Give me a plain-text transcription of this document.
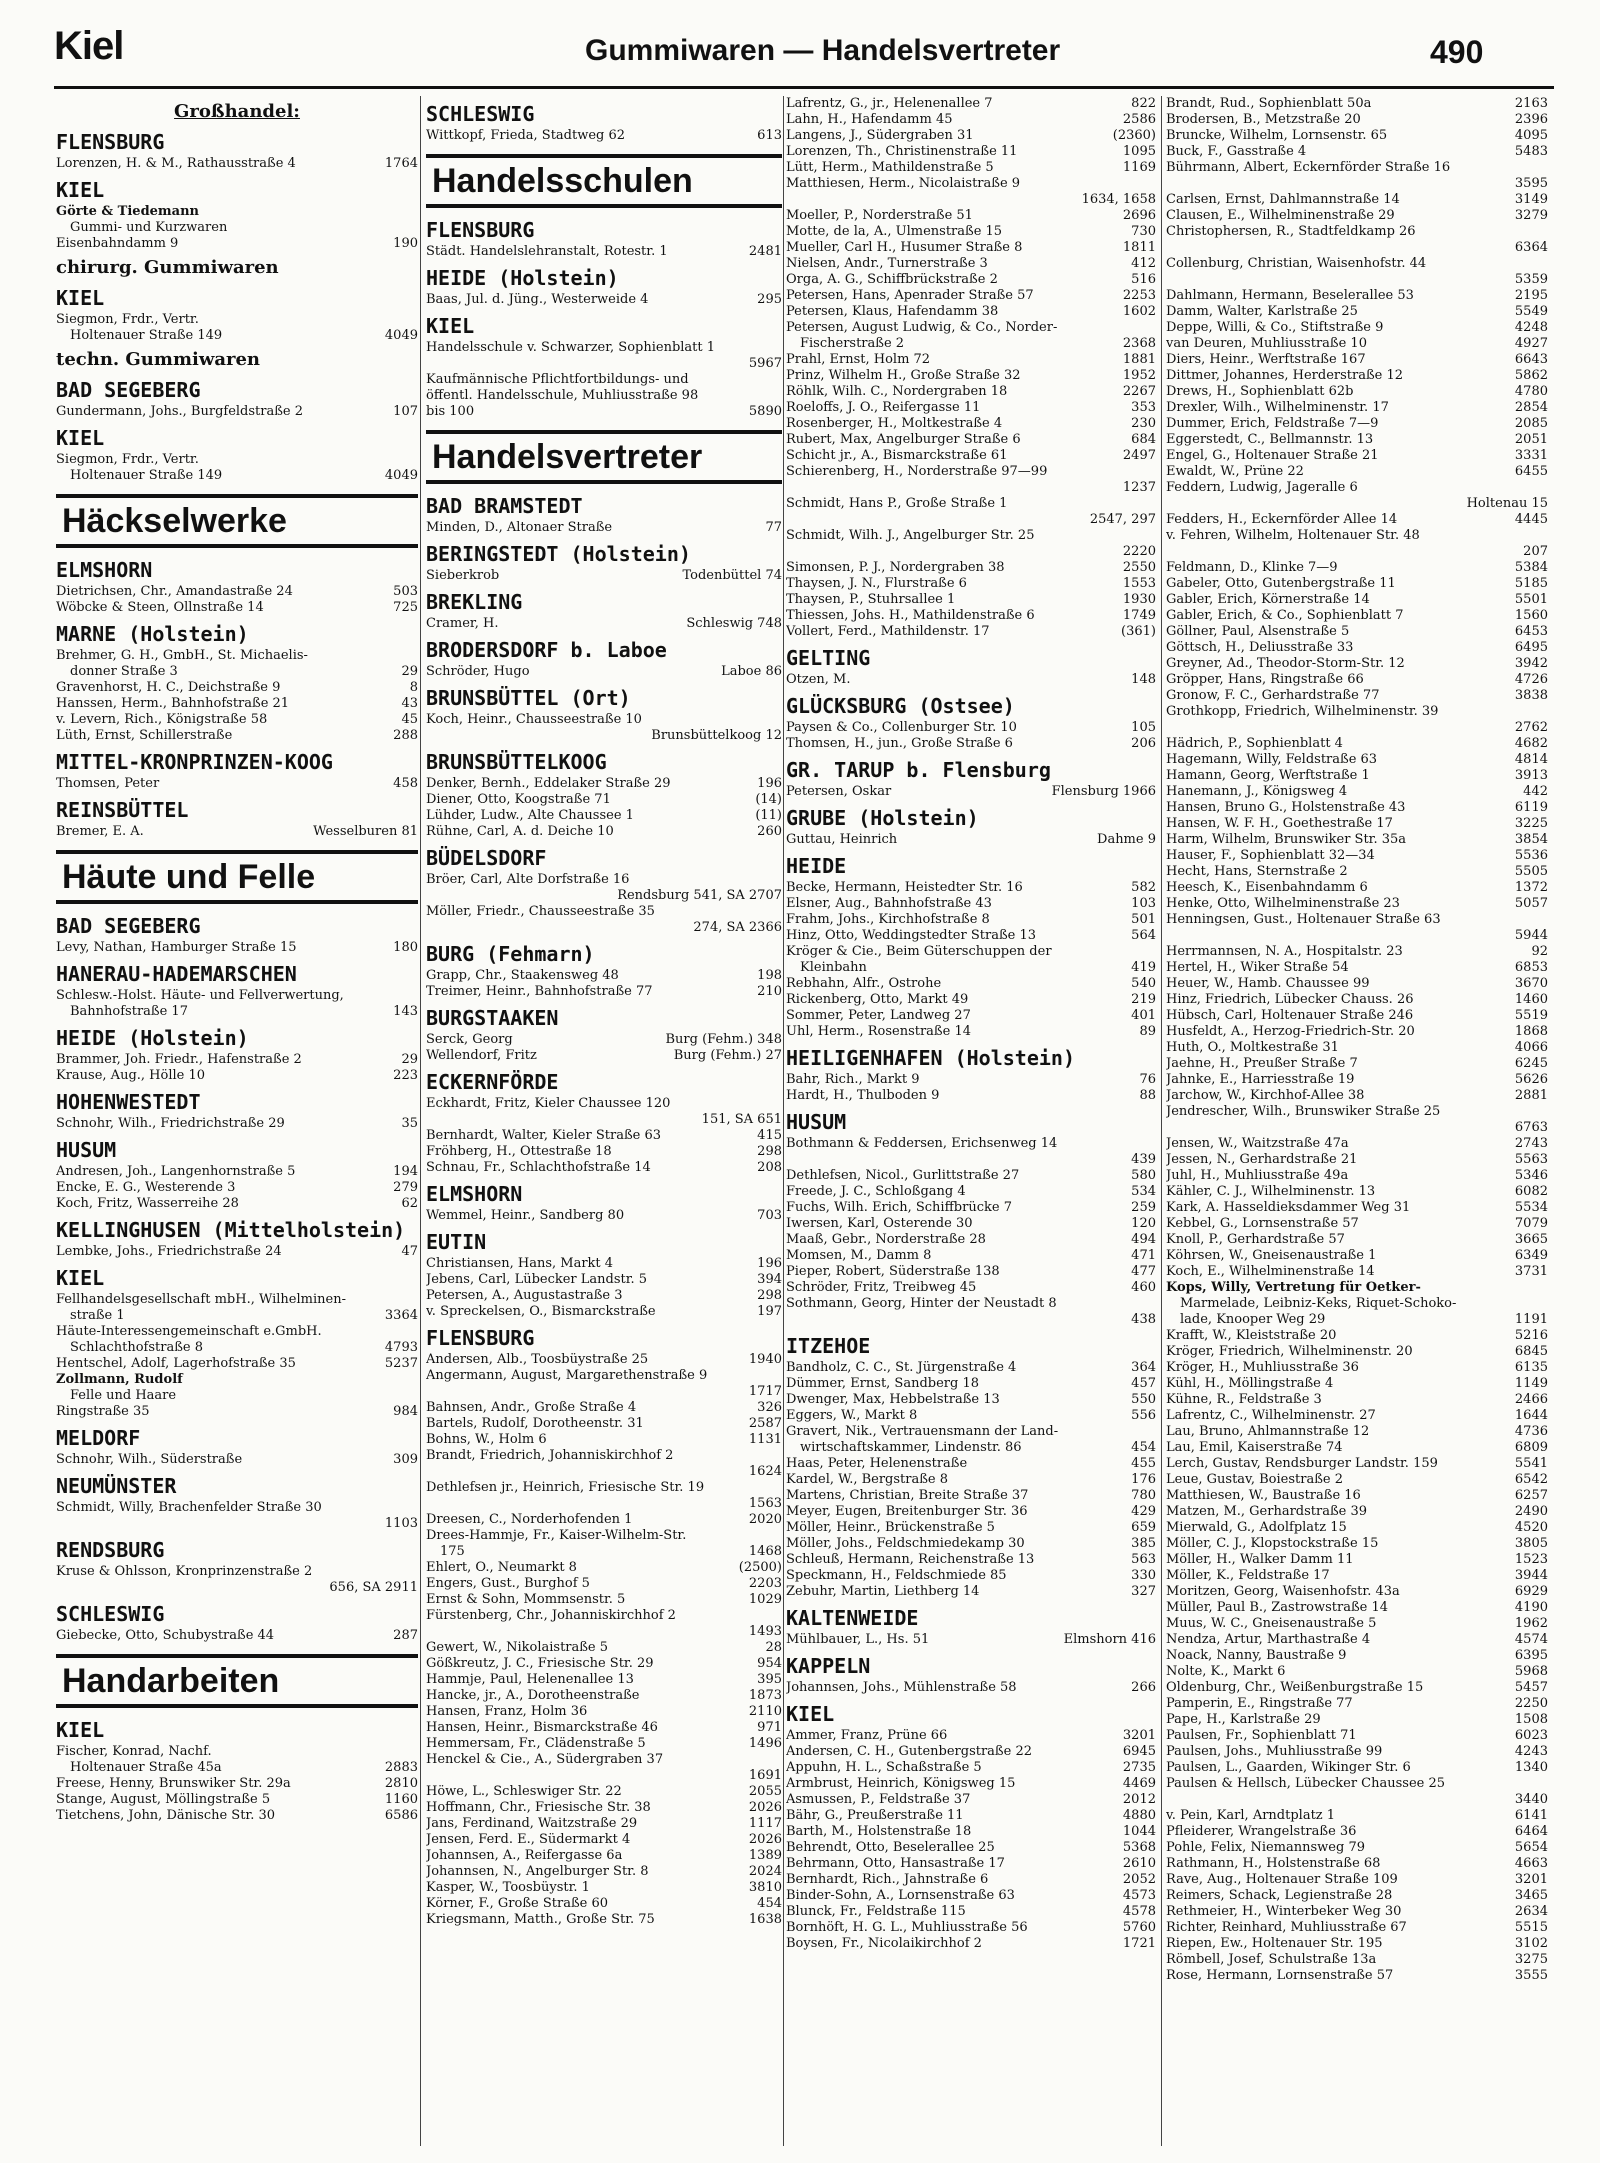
Kiel	Gummiwaren — Handelsvertreter	490
Großhandel:
FLENSBURG
Lorenzen, H. & M., Rathausstraße 4	1764
KIEL
Görte & Tiedemann
Gummi- und Kurzwaren
Eisenbahndamm 9	190
chirurg. Gummiwaren
KIEL
Siegmon, Frdr., Vertr.
Holtenauer Straße 149	4049
techn. Gummiwaren
BAD SEGEBERG
Gundermann, Johs., Burgfeldstraße 2	107
KIEL
Siegmon, Frdr., Vertr.
Holtenauer Straße 149	4049
Häckselwerke
ELMSHORN
Dietrichsen, Chr., Amandastraße 24	503
Wöbcke & Steen, Ollnstraße 14	725
MARNE (Holstein)
Brehmer, G. H., GmbH., St. Michaelis-
donner Straße 3	29
Gravenhorst, H. C., Deichstraße 9	8
Hanssen, Herm., Bahnhofstraße 21	43
v. Levern, Rich., Königstraße 58	45
Lüth, Ernst, Schillerstraße	288
MITTEL-KRONPRINZEN-KOOG
Thomsen, Peter	458
REINSBÜTTEL
Bremer, E. A.	Wesselburen 81
Häute und Felle
BAD SEGEBERG
Levy, Nathan, Hamburger Straße 15	180
HANERAU-HADEMARSCHEN
Schlesw.-Holst. Häute- und Fellverwertung,
Bahnhofstraße 17	143
HEIDE (Holstein)
Brammer, Joh. Friedr., Hafenstraße 2	29
Krause, Aug., Hölle 10	223
HOHENWESTEDT
Schnohr, Wilh., Friedrichstraße 29	35
HUSUM
Andresen, Joh., Langenhornstraße 5	194
Encke, E. G., Westerende 3	279
Koch, Fritz, Wasserreihe 28	62
KELLINGHUSEN (Mittelholstein)
Lembke, Johs., Friedrichstraße 24	47
KIEL
Fellhandelsgesellschaft mbH., Wilhelminen-
straße 1	3364
Häute-Interessengemeinschaft e.GmbH.
Schlachthofstraße 8	4793
Hentschel, Adolf, Lagerhofstraße 35	5237
Zollmann, Rudolf
Felle und Haare
Ringstraße 35	984
MELDORF
Schnohr, Wilh., Süderstraße	309
NEUMÜNSTER
Schmidt, Willy, Brachenfelder Straße 30
1103
RENDSBURG
Kruse & Ohlsson, Kronprinzenstraße 2
656, SA 2911
SCHLESWIG
Giebecke, Otto, Schubystraße 44	287
Handarbeiten
KIEL
Fischer, Konrad, Nachf.
Holtenauer Straße 45a	2883
Freese, Henny, Brunswiker Str. 29a	2810
Stange, August, Möllingstraße 5	1160
Tietchens, John, Dänische Str. 30	6586
SCHLESWIG
Wittkopf, Frieda, Stadtweg 62	613
Handelsschulen
FLENSBURG
Städt. Handelslehranstalt, Rotestr. 1	2481
HEIDE (Holstein)
Baas, Jul. d. Jüng., Westerweide 4	295
KIEL
Handelsschule v. Schwarzer, Sophienblatt 1
5967
Kaufmännische Pflichtfortbildungs- und
öffentl. Handelsschule, Muhliusstraße 98
bis 100	5890
Handelsvertreter
BAD BRAMSTEDT
Minden, D., Altonaer Straße	77
BERINGSTEDT (Holstein)
Sieberkrob	Todenbüttel 74
BREKLING
Cramer, H.	Schleswig 748
BRODERSDORF b. Laboe
Schröder, Hugo	Laboe 86
BRUNSBÜTTEL (Ort)
Koch, Heinr., Chausseestraße 10
Brunsbüttelkoog 12
BRUNSBÜTTELKOOG
Denker, Bernh., Eddelaker Straße 29	196
Diener, Otto, Koogstraße 71	(14)
Lühder, Ludw., Alte Chaussee 1	(11)
Rühne, Carl, A. d. Deiche 10	260
BÜDELSDORF
Bröer, Carl, Alte Dorfstraße 16
Rendsburg 541, SA 2707
Möller, Friedr., Chausseestraße 35
274, SA 2366
BURG (Fehmarn)
Grapp, Chr., Staakensweg 48	198
Treimer, Heinr., Bahnhofstraße 77	210
BURGSTAAKEN
Serck, Georg	Burg (Fehm.) 348
Wellendorf, Fritz	Burg (Fehm.) 27
ECKERNFÖRDE
Eckhardt, Fritz, Kieler Chaussee 120
151, SA 651
Bernhardt, Walter, Kieler Straße 63	415
Fröhberg, H., Ottestraße 18	298
Schnau, Fr., Schlachthofstraße 14	208
ELMSHORN
Wemmel, Heinr., Sandberg 80	703
EUTIN
Christiansen, Hans, Markt 4	196
Jebens, Carl, Lübecker Landstr. 5	394
Petersen, A., Augustastraße 3	298
v. Spreckelsen, O., Bismarckstraße	197
FLENSBURG
Andersen, Alb., Toosbüystraße 25	1940
Angermann, August, Margarethenstraße 9
1717
Bahnsen, Andr., Große Straße 4	326
Bartels, Rudolf, Dorotheenstr. 31	2587
Bohns, W., Holm 6	1131
Brandt, Friedrich, Johanniskirchhof 2
1624
Dethlefsen jr., Heinrich, Friesische Str. 19
1563
Dreesen, C., Norderhofenden 1	2020
Drees-Hammje, Fr., Kaiser-Wilhelm-Str.
175	1468
Ehlert, O., Neumarkt 8	(2500)
Engers, Gust., Burghof 5	2203
Ernst & Sohn, Mommsenstr. 5	1029
Fürstenberg, Chr., Johanniskirchhof 2
1493
Gewert, W., Nikolaistraße 5	28
Gößkreutz, J. C., Friesische Str. 29	954
Hammje, Paul, Helenenallee 13	395
Hancke, jr., A., Dorotheenstraße	1873
Hansen, Franz, Holm 36	2110
Hansen, Heinr., Bismarckstraße 46	971
Hemmersam, Fr., Clädenstraße 5	1496
Henckel & Cie., A., Südergraben 37
1691
Höwe, L., Schleswiger Str. 22	2055
Hoffmann, Chr., Friesische Str. 38	2026
Jans, Ferdinand, Waitzstraße 29	1117
Jensen, Ferd. E., Südermarkt 4	2026
Johannsen, A., Reifergasse 6a	1389
Johannsen, N., Angelburger Str. 8	2024
Kasper, W., Toosbüystr. 1	3810
Körner, F., Große Straße 60	454
Kriegsmann, Matth., Große Str. 75	1638
Lafrentz, G., jr., Helenenallee 7	822
Lahn, H., Hafendamm 45	2586
Langens, J., Südergraben 31	(2360)
Lorenzen, Th., Christinenstraße 11	1095
Lütt, Herm., Mathildenstraße 5	1169
Matthiesen, Herm., Nicolaistraße 9
1634, 1658
Moeller, P., Norderstraße 51	2696
Motte, de la, A., Ulmenstraße 15	730
Mueller, Carl H., Husumer Straße 8	1811
Nielsen, Andr., Turnerstraße 3	412
Orga, A. G., Schiffbrückstraße 2	516
Petersen, Hans, Apenrader Straße 57	2253
Petersen, Klaus, Hafendamm 38	1602
Petersen, August Ludwig, & Co., Norder-
Fischerstraße 2	2368
Prahl, Ernst, Holm 72	1881
Prinz, Wilhelm H., Große Straße 32	1952
Röhlk, Wilh. C., Nordergraben 18	2267
Roeloffs, J. O., Reifergasse 11	353
Rosenberger, H., Moltkestraße 4	230
Rubert, Max, Angelburger Straße 6	684
Schicht jr., A., Bismarckstraße 61	2497
Schierenberg, H., Norderstraße 97—99
1237
Schmidt, Hans P., Große Straße 1
2547, 297
Schmidt, Wilh. J., Angelburger Str. 25
2220
Simonsen, P. J., Nordergraben 38	2550
Thaysen, J. N., Flurstraße 6	1553
Thaysen, P., Stuhrsallee 1	1930
Thiessen, Johs. H., Mathildenstraße 6	1749
Vollert, Ferd., Mathildenstr. 17	(361)
GELTING
Otzen, M.	148
GLÜCKSBURG (Ostsee)
Paysen & Co., Collenburger Str. 10	105
Thomsen, H., jun., Große Straße 6	206
GR. TARUP b. Flensburg
Petersen, Oskar	Flensburg 1966
GRUBE (Holstein)
Guttau, Heinrich	Dahme 9
HEIDE
Becke, Hermann, Heistedter Str. 16	582
Elsner, Aug., Bahnhofstraße 43	103
Frahm, Johs., Kirchhofstraße 8	501
Hinz, Otto, Weddingstedter Straße 13	564
Kröger & Cie., Beim Güterschuppen der
Kleinbahn	419
Rebhahn, Alfr., Ostrohe	540
Rickenberg, Otto, Markt 49	219
Sommer, Peter, Landweg 27	401
Uhl, Herm., Rosenstraße 14	89
HEILIGENHAFEN (Holstein)
Bahr, Rich., Markt 9	76
Hardt, H., Thulboden 9	88
HUSUM
Bothmann & Feddersen, Erichsenweg 14
439
Dethlefsen, Nicol., Gurlittstraße 27	580
Freede, J. C., Schloßgang 4	534
Fuchs, Wilh. Erich, Schiffbrücke 7	259
Iwersen, Karl, Osterende 30	120
Maaß, Gebr., Norderstraße 28	494
Momsen, M., Damm 8	471
Pieper, Robert, Süderstraße 138	477
Schröder, Fritz, Treibweg 45	460
Sothmann, Georg, Hinter der Neustadt 8
438
ITZEHOE
Bandholz, C. C., St. Jürgenstraße 4	364
Dümmer, Ernst, Sandberg 18	457
Dwenger, Max, Hebbelstraße 13	550
Eggers, W., Markt 8	556
Gravert, Nik., Vertrauensmann der Land-
wirtschaftskammer, Lindenstr. 86	454
Haas, Peter, Helenenstraße	455
Kardel, W., Bergstraße 8	176
Martens, Christian, Breite Straße 37	780
Meyer, Eugen, Breitenburger Str. 36	429
Möller, Heinr., Brückenstraße 5	659
Möller, Johs., Feldschmiedekamp 30	385
Schleuß, Hermann, Reichenstraße 13	563
Speckmann, H., Feldschmiede 85	330
Zebuhr, Martin, Liethberg 14	327
KALTENWEIDE
Mühlbauer, L., Hs. 51	Elmshorn 416
KAPPELN
Johannsen, Johs., Mühlenstraße 58	266
KIEL
Ammer, Franz, Prüne 66	3201
Andersen, C. H., Gutenbergstraße 22	6945
Appuhn, H. L., Schaßstraße 5	2735
Armbrust, Heinrich, Königsweg 15	4469
Asmussen, P., Feldstraße 37	2012
Bähr, G., Preußerstraße 11	4880
Barth, M., Holstenstraße 18	1044
Behrendt, Otto, Beselerallee 25	5368
Behrmann, Otto, Hansastraße 17	2610
Bernhardt, Rich., Jahnstraße 6	2052
Binder-Sohn, A., Lornsenstraße 63	4573
Blunck, Fr., Feldstraße 115	4578
Bornhöft, H. G. L., Muhliusstraße 56	5760
Boysen, Fr., Nicolaikirchhof 2	1721
Brandt, Rud., Sophienblatt 50a	2163
Brodersen, B., Metzstraße 20	2396
Bruncke, Wilhelm, Lornsenstr. 65	4095
Buck, F., Gasstraße 4	5483
Bührmann, Albert, Eckernförder Straße 16
3595
Carlsen, Ernst, Dahlmannstraße 14	3149
Clausen, E., Wilhelminenstraße 29	3279
Christophersen, R., Stadtfeldkamp 26
6364
Collenburg, Christian, Waisenhofstr. 44
5359
Dahlmann, Hermann, Beselerallee 53	2195
Damm, Walter, Karlstraße 25	5549
Deppe, Willi, & Co., Stiftstraße 9	4248
van Deuren, Muhliusstraße 10	4927
Diers, Heinr., Werftstraße 167	6643
Dittmer, Johannes, Herderstraße 12	5862
Drews, H., Sophienblatt 62b	4780
Drexler, Wilh., Wilhelminenstr. 17	2854
Dummer, Erich, Feldstraße 7—9	2085
Eggerstedt, C., Bellmannstr. 13	2051
Engel, G., Holtenauer Straße 21	3331
Ewaldt, W., Prüne 22	6455
Feddern, Ludwig, Jageralle 6
Holtenau 15
Fedders, H., Eckernförder Allee 14	4445
v. Fehren, Wilhelm, Holtenauer Str. 48
207
Feldmann, D., Klinke 7—9	5384
Gabeler, Otto, Gutenbergstraße 11	5185
Gabler, Erich, Körnerstraße 14	5501
Gabler, Erich, & Co., Sophienblatt 7	1560
Göllner, Paul, Alsenstraße 5	6453
Göttsch, H., Deliusstraße 33	6495
Greyner, Ad., Theodor-Storm-Str. 12	3942
Gröpper, Hans, Ringstraße 66	4726
Gronow, F. C., Gerhardstraße 77	3838
Grothkopp, Friedrich, Wilhelminenstr. 39
2762
Hädrich, P., Sophienblatt 4	4682
Hagemann, Willy, Feldstraße 63	4814
Hamann, Georg, Werftstraße 1	3913
Hanemann, J., Königsweg 4	442
Hansen, Bruno G., Holstenstraße 43	6119
Hansen, W. F. H., Goethestraße 17	3225
Harm, Wilhelm, Brunswiker Str. 35a	3854
Hauser, F., Sophienblatt 32—34	5536
Hecht, Hans, Sternstraße 2	5505
Heesch, K., Eisenbahndamm 6	1372
Henke, Otto, Wilhelminenstraße 23	5057
Henningsen, Gust., Holtenauer Straße 63
5944
Herrmannsen, N. A., Hospitalstr. 23	92
Hertel, H., Wiker Straße 54	6853
Heuer, W., Hamb. Chaussee 99	3670
Hinz, Friedrich, Lübecker Chauss. 26	1460
Hübsch, Carl, Holtenauer Straße 246	5519
Husfeldt, A., Herzog-Friedrich-Str. 20	1868
Huth, O., Moltkestraße 31	4066
Jaehne, H., Preußer Straße 7	6245
Jahnke, E., Harriesstraße 19	5626
Jarchow, W., Kirchhof-Allee 38	2881
Jendrescher, Wilh., Brunswiker Straße 25
6763
Jensen, W., Waitzstraße 47a	2743
Jessen, N., Gerhardstraße 21	5563
Juhl, H., Muhliusstraße 49a	5346
Kähler, C. J., Wilhelminenstr. 13	6082
Kark, A. Hasseldieksdammer Weg 31	5534
Kebbel, G., Lornsenstraße 57	7079
Knoll, P., Gerhardstraße 57	3665
Köhrsen, W., Gneisenaustraße 1	6349
Koch, E., Wilhelminenstraße 14	3731
Kops, Willy, Vertretung für Oetker-
Marmelade, Leibniz-Keks, Riquet-Schoko-
lade, Knooper Weg 29	1191
Krafft, W., Kleiststraße 20	5216
Kröger, Friedrich, Wilhelminenstr. 20	6845
Kröger, H., Muhliusstraße 36	6135
Kühl, H., Möllingstraße 4	1149
Kühne, R., Feldstraße 3	2466
Lafrentz, C., Wilhelminenstr. 27	1644
Lau, Bruno, Ahlmannstraße 12	4736
Lau, Emil, Kaiserstraße 74	6809
Lerch, Gustav, Rendsburger Landstr. 159	5541
Leue, Gustav, Boiestraße 2	6542
Matthiesen, W., Baustraße 16	6257
Matzen, M., Gerhardstraße 39	2490
Mierwald, G., Adolfplatz 15	4520
Möller, C. J., Klopstockstraße 15	3805
Möller, H., Walker Damm 11	1523
Möller, K., Feldstraße 17	3944
Moritzen, Georg, Waisenhofstr. 43a	6929
Müller, Paul B., Zastrowstraße 14	4190
Muus, W. C., Gneisenaustraße 5	1962
Nendza, Artur, Marthastraße 4	4574
Noack, Nanny, Baustraße 9	6395
Nolte, K., Markt 6	5968
Oldenburg, Chr., Weißenburgstraße 15	5457
Pamperin, E., Ringstraße 77	2250
Pape, H., Karlstraße 29	1508
Paulsen, Fr., Sophienblatt 71	6023
Paulsen, Johs., Muhliusstraße 99	4243
Paulsen, L., Gaarden, Wikinger Str. 6	1340
Paulsen & Hellsch, Lübecker Chaussee 25
3440
v. Pein, Karl, Arndtplatz 1	6141
Pfleiderer, Wrangelstraße 36	6464
Pohle, Felix, Niemannsweg 79	5654
Rathmann, H., Holstenstraße 68	4663
Rave, Aug., Holtenauer Straße 109	3201
Reimers, Schack, Legienstraße 28	3465
Rethmeier, H., Winterbeker Weg 30	2634
Richter, Reinhard, Muhliusstraße 67	5515
Riepen, Ew., Holtenauer Str. 195	3102
Römbell, Josef, Schulstraße 13a	3275
Rose, Hermann, Lornsenstraße 57	3555
